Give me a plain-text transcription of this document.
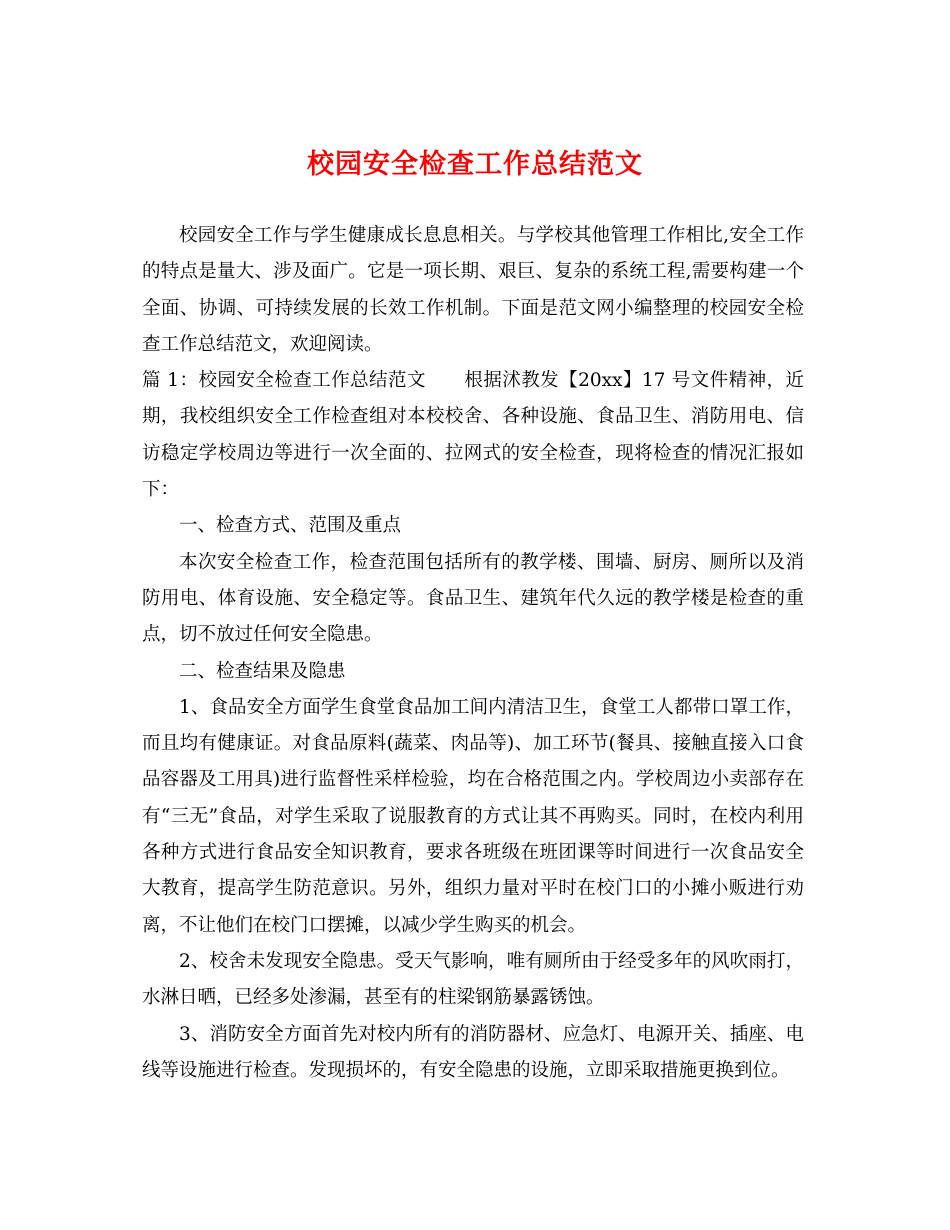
校园安全检查工作总结范文

校园安全工作与学生健康成长息息相关。与学校其他管理工作相比,安全工作的特点是量大、涉及面广。它是一项长期、艰巨、复杂的系统工程,需要构建一个全面、协调、可持续发展的长效工作机制。下面是范文网小编整理的校园安全检查工作总结范文，欢迎阅读。

篇 1：校园安全检查工作总结范文 根据沭教发【20xx】17 号文件精神，近期，我校组织安全工作检查组对本校校舍、各种设施、食品卫生、消防用电、信访稳定学校周边等进行一次全面的、拉网式的安全检查，现将检查的情况汇报如下：

一、检查方式、范围及重点

本次安全检查工作，检查范围包括所有的教学楼、围墙、厨房、厕所以及消防用电、体育设施、安全稳定等。食品卫生、建筑年代久远的教学楼是检查的重点，切不放过任何安全隐患。

二、检查结果及隐患

1、食品安全方面学生食堂食品加工间内清洁卫生，食堂工人都带口罩工作，而且均有健康证。对食品原料(蔬菜、肉品等)、加工环节(餐具、接触直接入口食品容器及工用具)进行监督性采样检验，均在合格范围之内。学校周边小卖部存在有“三无”食品，对学生采取了说服教育的方式让其不再购买。同时，在校内利用各种方式进行食品安全知识教育，要求各班级在班团课等时间进行一次食品安全大教育，提高学生防范意识。另外，组织力量对平时在校门口的小摊小贩进行劝离，不让他们在校门口摆摊，以减少学生购买的机会。

2、校舍未发现安全隐患。受天气影响，唯有厕所由于经受多年的风吹雨打，水淋日晒，已经多处渗漏，甚至有的柱梁钢筋暴露锈蚀。

3、消防安全方面首先对校内所有的消防器材、应急灯、电源开关、插座、电线等设施进行检查。发现损坏的，有安全隐患的设施，立即采取措施更换到位。
